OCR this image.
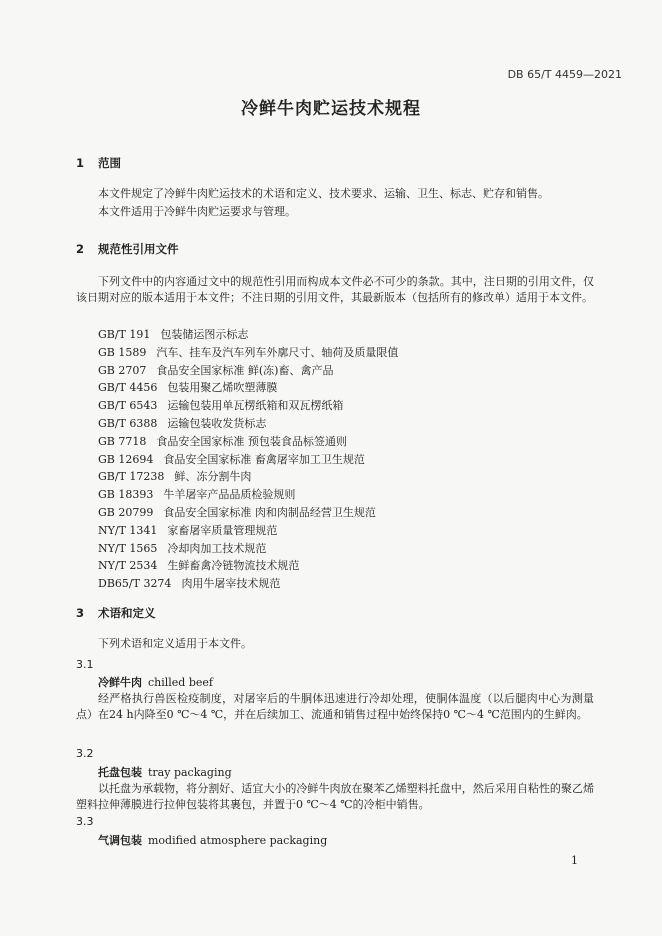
DB 65/T 4459—2021
冷鲜牛肉贮运技术规程
1 范围
本文件规定了冷鲜牛肉贮运技术的术语和定义、技术要求、运输、卫生、标志、贮存和销售。
本文件适用于冷鲜牛肉贮运要求与管理。
2 规范性引用文件
下列文件中的内容通过文中的规范性引用而构成本文件必不可少的条款。其中，注日期的引用文件，仅该日期对应的版本适用于本文件；不注日期的引用文件，其最新版本（包括所有的修改单）适用于本文件。
GB/T 191 包装储运图示标志
GB 1589 汽车、挂车及汽车列车外廓尺寸、轴荷及质量限值
GB 2707 食品安全国家标准 鲜(冻)畜、禽产品
GB/T 4456 包装用聚乙烯吹塑薄膜
GB/T 6543 运输包装用单瓦楞纸箱和双瓦楞纸箱
GB/T 6388 运输包装收发货标志
GB 7718 食品安全国家标准 预包装食品标签通则
GB 12694 食品安全国家标准 畜禽屠宰加工卫生规范
GB/T 17238 鲜、冻分割牛肉
GB 18393 牛羊屠宰产品品质检验规则
GB 20799 食品安全国家标准 肉和肉制品经营卫生规范
NY/T 1341 家畜屠宰质量管理规范
NY/T 1565 冷却肉加工技术规范
NY/T 2534 生鲜畜禽冷链物流技术规范
DB65/T 3274 肉用牛屠宰技术规范
3 术语和定义
下列术语和定义适用于本文件。
3.1
冷鲜牛肉 chilled beef
经严格执行兽医检疫制度，对屠宰后的牛胴体迅速进行冷却处理，使胴体温度（以后腿肉中心为测量点）在24 h内降至0 ℃～4 ℃，并在后续加工、流通和销售过程中始终保持0 ℃～4 ℃范围内的生鲜肉。
3.2
托盘包装 tray packaging
以托盘为承载物，将分割好、适宜大小的冷鲜牛肉放在聚苯乙烯塑料托盘中，然后采用自粘性的聚乙烯塑料拉伸薄膜进行拉伸包装将其裹包，并置于0 ℃～4 ℃的冷柜中销售。
3.3
气调包装 modified atmosphere packaging
1
